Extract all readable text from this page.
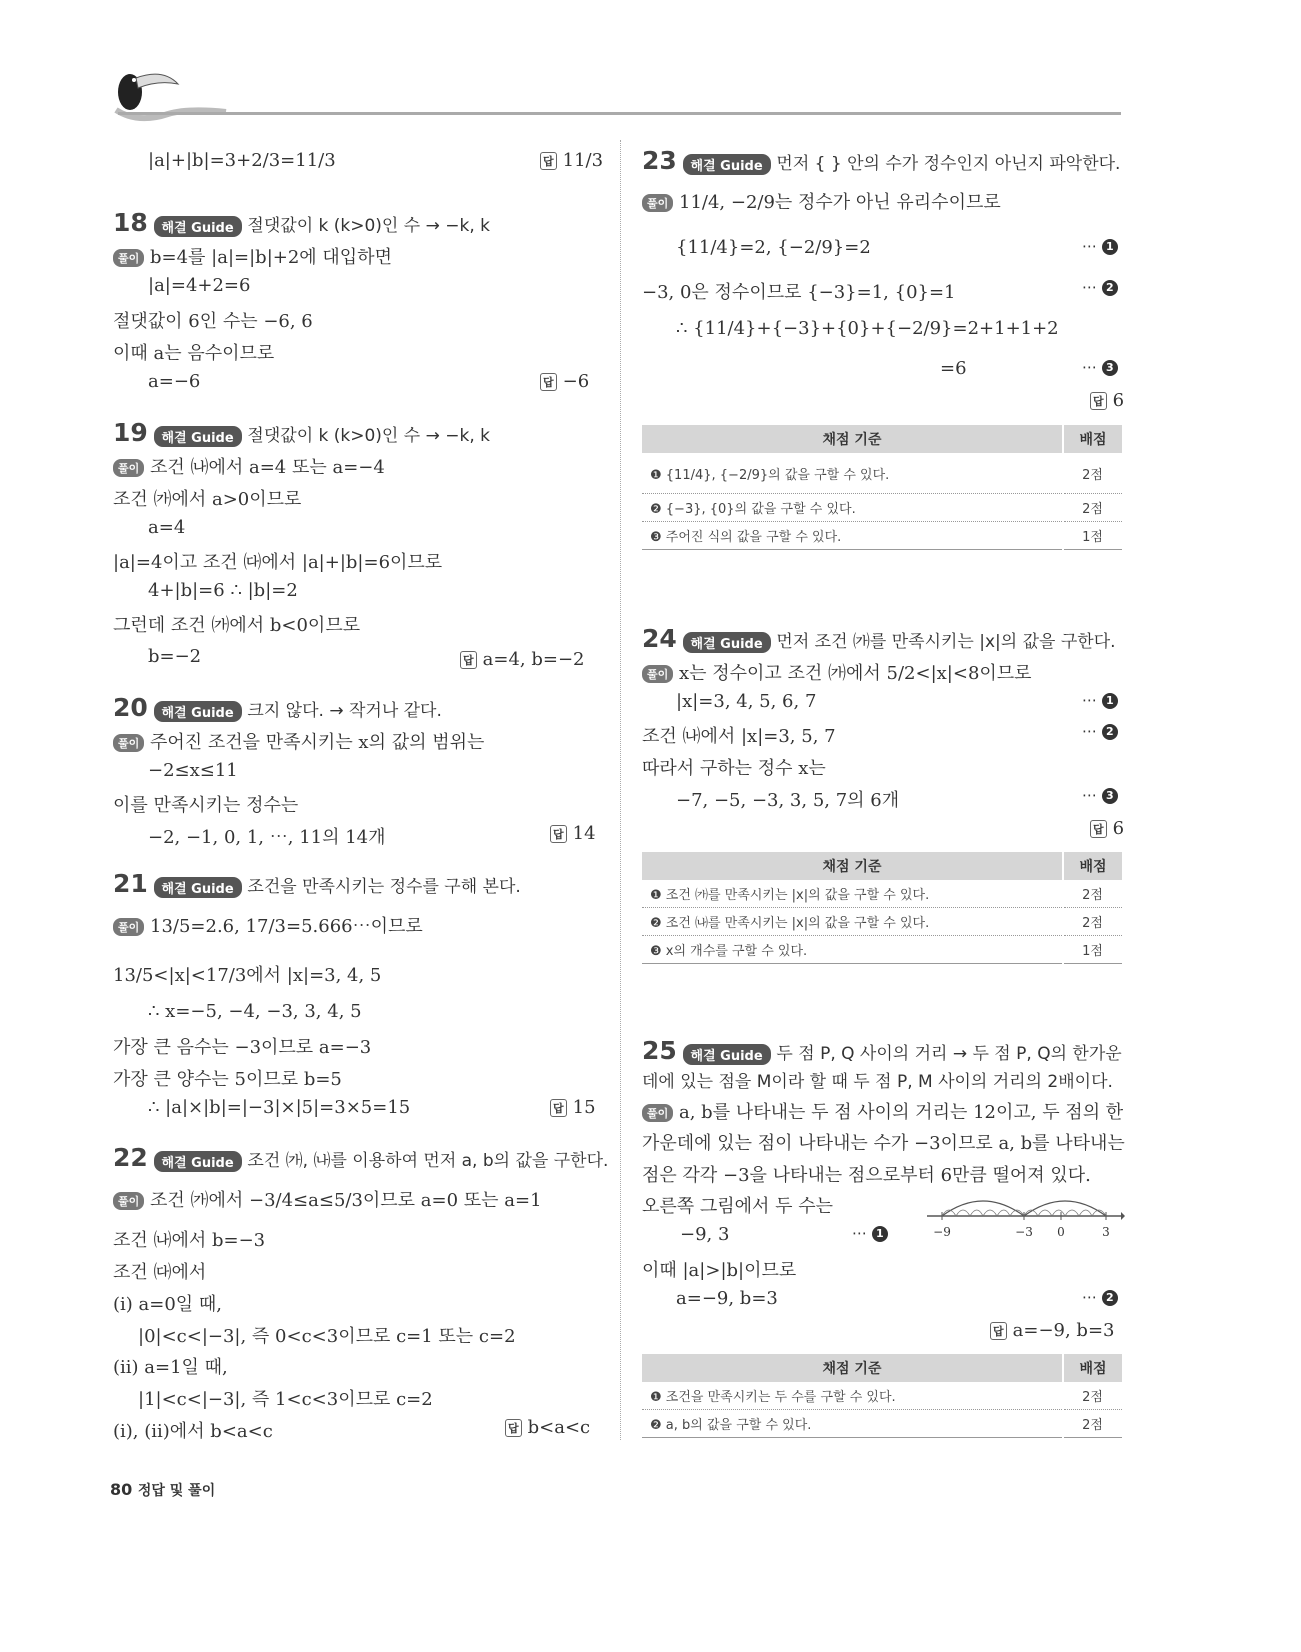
|a|+|b|=3+2/3=11/3	답 11/3
18 해결 Guide 절댓값이 k (k>0)인 수 → −k, k
풀이 b=4를 |a|=|b|+2에 대입하면
|a|=4+2=6
절댓값이 6인 수는 −6, 6
이때 a는 음수이므로
a=−6	답 −6
19 해결 Guide 절댓값이 k (k>0)인 수 → −k, k
풀이 조건 ㈏에서 a=4 또는 a=−4
조건 ㈎에서 a>0이므로
a=4
|a|=4이고 조건 ㈐에서 |a|+|b|=6이므로
4+|b|=6 ∴ |b|=2
그런데 조건 ㈎에서 b<0이므로
b=−2	답 a=4, b=−2
20 해결 Guide 크지 않다. → 작거나 같다.
풀이 주어진 조건을 만족시키는 x의 값의 범위는
−2≤x≤11
이를 만족시키는 정수는
−2, −1, 0, 1, ⋯, 11의 14개	답 14
21 해결 Guide 조건을 만족시키는 정수를 구해 본다.
풀이 13/5=2.6, 17/3=5.666⋯이므로
13/5<|x|<17/3에서 |x|=3, 4, 5
∴ x=−5, −4, −3, 3, 4, 5
가장 큰 음수는 −3이므로 a=−3
가장 큰 양수는 5이므로 b=5
∴ |a|×|b|=|−3|×|5|=3×5=15	답 15
22 해결 Guide 조건 ㈎, ㈏를 이용하여 먼저 a, b의 값을 구한다.
풀이 조건 ㈎에서 −3/4≤a≤5/3이므로 a=0 또는 a=1
조건 ㈏에서 b=−3
조건 ㈐에서
(i) a=0일 때,
|0|<c<|−3|, 즉 0<c<3이므로 c=1 또는 c=2
(ii) a=1일 때,
|1|<c<|−3|, 즉 1<c<3이므로 c=2
(i), (ii)에서 b<a<c	답 b<a<c
23 해결 Guide 먼저 { } 안의 수가 정수인지 아닌지 파악한다.
풀이 11/4, −2/9는 정수가 아닌 유리수이므로
{11/4}=2, {−2/9}=2	⋯ 1
−3, 0은 정수이므로 {−3}=1, {0}=1	⋯ 2
∴ {11/4}+{−3}+{0}+{−2/9}=2+1+1+2
=6	⋯ 3
답 6
채점 기준	배점
❶ {11/4}, {−2/9}의 값을 구할 수 있다.	2점
❷ {−3}, {0}의 값을 구할 수 있다.	2점
❸ 주어진 식의 값을 구할 수 있다.	1점
24 해결 Guide 먼저 조건 ㈎를 만족시키는 |x|의 값을 구한다.
풀이 x는 정수이고 조건 ㈎에서 5/2<|x|<8이므로
|x|=3, 4, 5, 6, 7	⋯ 1
조건 ㈏에서 |x|=3, 5, 7	⋯ 2
따라서 구하는 정수 x는
−7, −5, −3, 3, 5, 7의 6개	⋯ 3
답 6
채점 기준	배점
❶ 조건 ㈎를 만족시키는 |x|의 값을 구할 수 있다.	2점
❷ 조건 ㈏를 만족시키는 |x|의 값을 구할 수 있다.	2점
❸ x의 개수를 구할 수 있다.	1점
25 해결 Guide 두 점 P, Q 사이의 거리 → 두 점 P, Q의 한가운
데에 있는 점을 M이라 할 때 두 점 P, M 사이의 거리의 2배이다.
풀이 a, b를 나타내는 두 점 사이의 거리는 12이고, 두 점의 한
가운데에 있는 점이 나타내는 수가 −3이므로 a, b를 나타내는
점은 각각 −3을 나타내는 점으로부터 6만큼 떨어져 있다.
오른쪽 그림에서 두 수는
−9, 3	⋯ 1	−9	−3 0	3
이때 |a|>|b|이므로
a=−9, b=3	⋯ 2
답 a=−9, b=3
채점 기준	배점
❶ 조건을 만족시키는 두 수를 구할 수 있다.	2점
❷ a, b의 값을 구할 수 있다.	2점
80 정답 및 풀이
